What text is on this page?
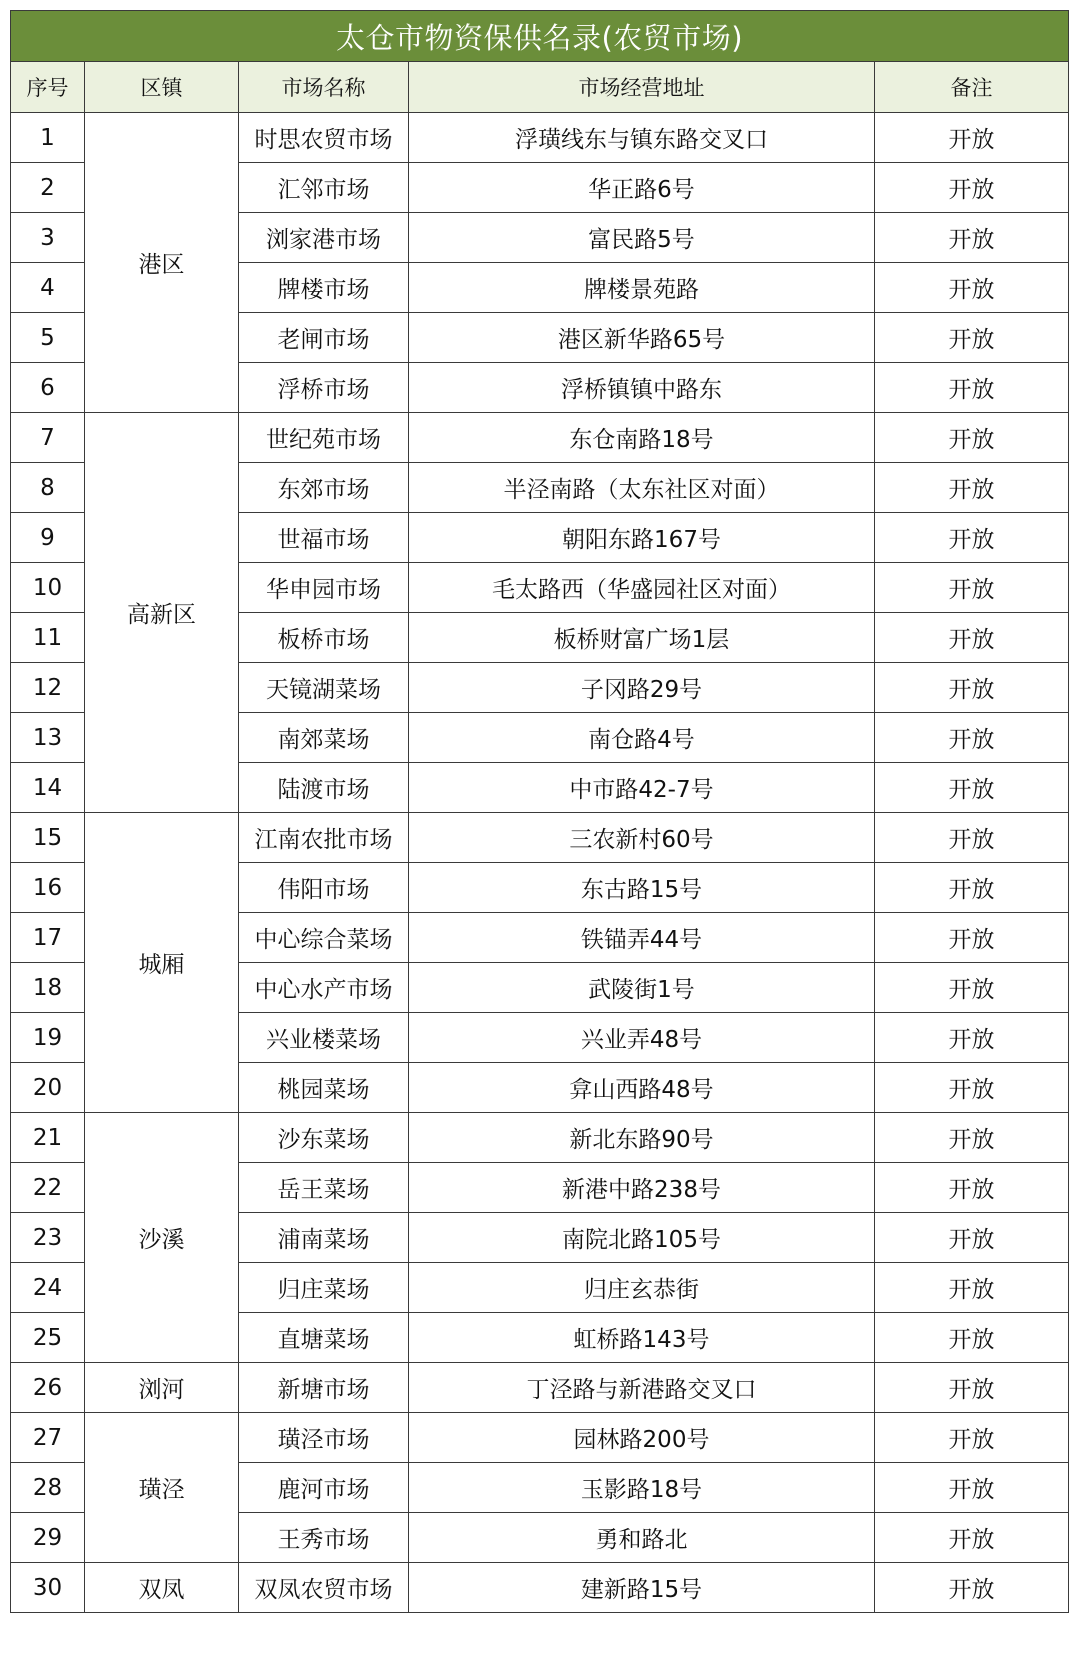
太仓市物资保供名录(农贸市场)				
序号	区镇	市场名称	市场经营地址	备注
1	港区	时思农贸市场	浮璜线东与镇东路交叉口	开放
2		汇邻市场	华正路6号	开放
3		浏家港市场	富民路5号	开放
4		牌楼市场	牌楼景苑路	开放
5		老闸市场	港区新华路65号	开放
6		浮桥市场	浮桥镇镇中路东	开放
7	高新区	世纪苑市场	东仓南路18号	开放
8		东郊市场	半泾南路（太东社区对面）	开放
9		世福市场	朝阳东路167号	开放
10		华申园市场	毛太路西（华盛园社区对面）	开放
11		板桥市场	板桥财富广场1层	开放
12		天镜湖菜场	子冈路29号	开放
13		南郊菜场	南仓路4号	开放
14		陆渡市场	中市路42-7号	开放
15	城厢	江南农批市场	三农新村60号	开放
16		伟阳市场	东古路15号	开放
17		中心综合菜场	铁锚弄44号	开放
18		中心水产市场	武陵街1号	开放
19		兴业楼菜场	兴业弄48号	开放
20		桃园菜场	弇山西路48号	开放
21	沙溪	沙东菜场	新北东路90号	开放
22		岳王菜场	新港中路238号	开放
23		浦南菜场	南院北路105号	开放
24		归庄菜场	归庄玄恭街	开放
25		直塘菜场	虹桥路143号	开放
26	浏河	新塘市场	丁泾路与新港路交叉口	开放
27	璜泾	璜泾市场	园林路200号	开放
28		鹿河市场	玉影路18号	开放
29		王秀市场	勇和路北	开放
30	双凤	双凤农贸市场	建新路15号	开放
